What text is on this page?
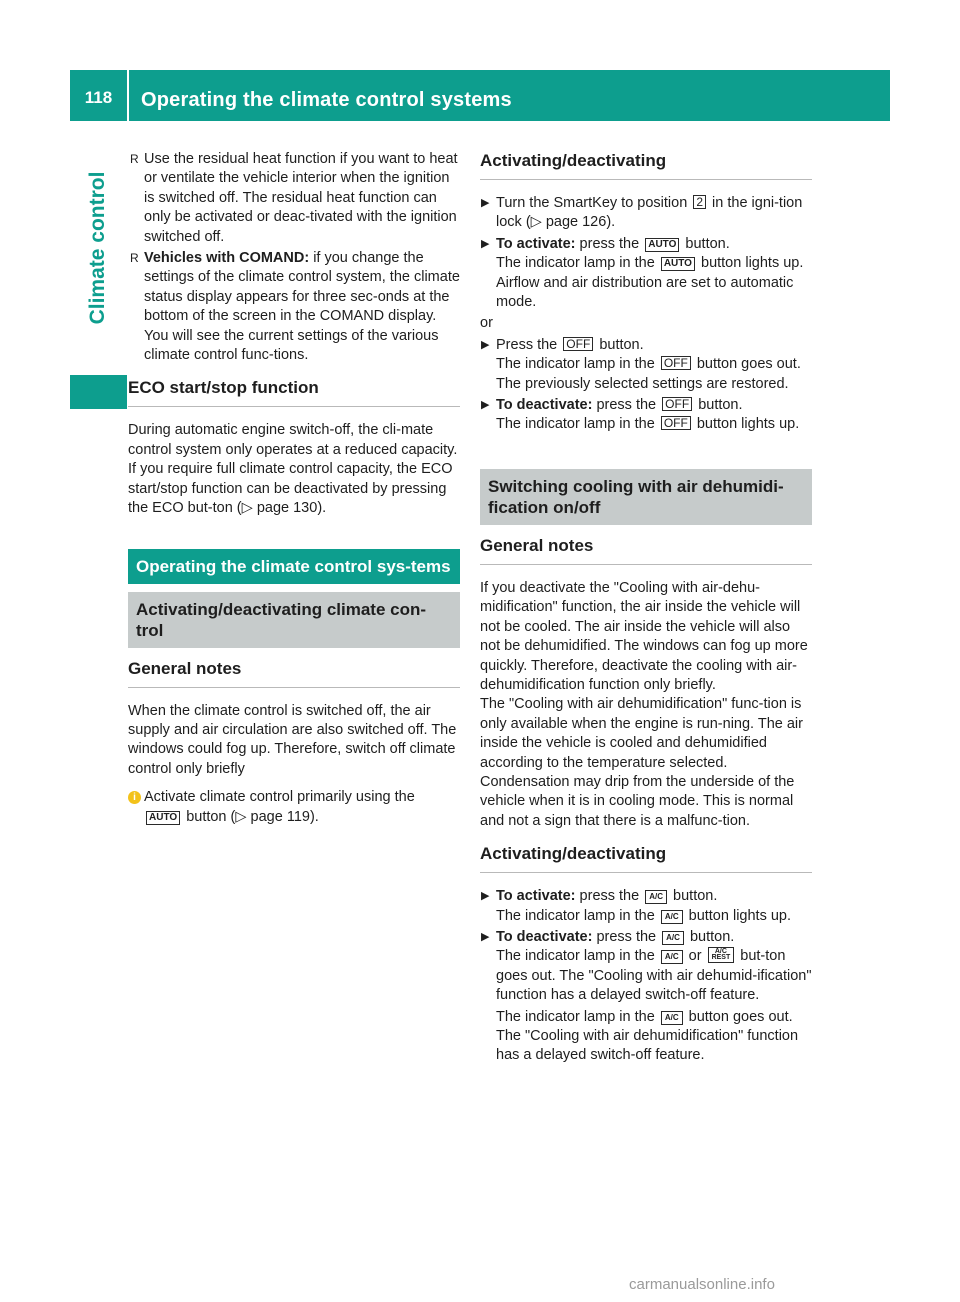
118	Operating the climate control systems
Climate control
R Use the residual heat function if you want to heat or ventilate the vehicle interior when the ignition is switched off. The residual heat function can only be activated or deac-tivated with the ignition switched off.

R Vehicles with COMAND: if you change the settings of the climate control system, the climate status display appears for three sec-onds at the bottom of the screen in the COMAND display. You will see the current settings of the various climate control func-tions.

ECO start/stop function

During automatic engine switch-off, the cli-mate control system only operates at a reduced capacity. If you require full climate control capacity, the ECO start/stop function can be deactivated by pressing the ECO but-ton (▷ page 130).

Operating the climate control sys-tems
Activating/deactivating climate con-trol
General notes

When the climate control is switched off, the air supply and air circulation are also switched off. The windows could fog up. Therefore, switch off climate control only briefly

i Activate climate control primarily using the
AUTO button (▷ page 119).

Activating/deactivating
▶ Turn the SmartKey to position 2 in the igni-tion lock (▷ page 126).

▶ To activate: press the AUTO button.
The indicator lamp in the AUTO button lights up. Airflow and air distribution are set to automatic mode.

or

▶ Press the OFF button.
The indicator lamp in the OFF button goes out. The previously selected settings are restored.

▶ To deactivate: press the OFF button.
The indicator lamp in the OFF button lights up.

Switching cooling with air dehumidi-fication on/off
General notes

If you deactivate the "Cooling with air-dehu-midification" function, the air inside the vehicle will not be cooled. The air inside the vehicle will also not be dehumidified. The windows can fog up more quickly. Therefore, deactivate the cooling with air-dehumidification function only briefly.

The "Cooling with air dehumidification" func-tion is only available when the engine is run-ning. The air inside the vehicle is cooled and dehumidified according to the temperature selected.

Condensation may drip from the underside of the vehicle when it is in cooling mode. This is normal and not a sign that there is a malfunc-tion.

Activating/deactivating
▶ To activate: press the A/C button.
The indicator lamp in the A/C button lights up.

▶ To deactivate: press the A/C button.
The indicator lamp in the A/C or A/C
REST but-ton goes out. The "Cooling with air dehumid-ification" function has a delayed switch-off feature.

The indicator lamp in the A/C button goes out. The "Cooling with air dehumidification" function has a delayed switch-off feature.

carmanualsonline.info
